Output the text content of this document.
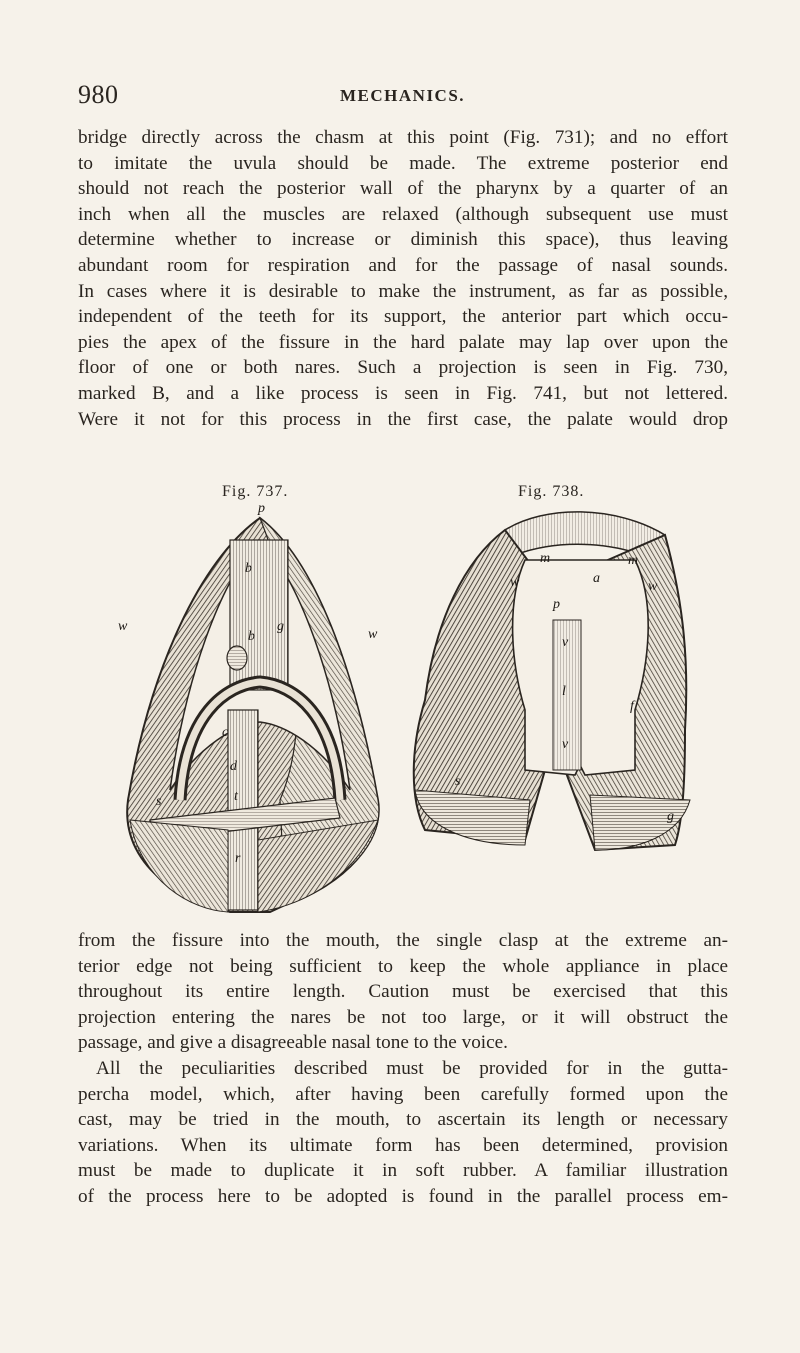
980	MECHANICS.
bridge directly across the chasm at this point (Fig. 731); and no effort
to imitate the uvula should be made. The extreme posterior end
should not reach the posterior wall of the pharynx by a quarter of an
inch when all the muscles are relaxed (although subsequent use must
determine whether to increase or diminish this space), thus leaving
abundant room for respiration and for the passage of nasal sounds.
In cases where it is desirable to make the instrument, as far as possible,
independent of the teeth for its support, the anterior part which occu-
pies the apex of the fissure in the hard palate may lap over upon the
floor of one or both nares. Such a projection is seen in Fig. 730,
marked B, and a like process is seen in Fig. 741, but not lettered.
Were it not for this process in the first case, the palate would drop
Fig. 737.	Fig. 738.
p
w
w
b
b
g
c
d
s	t
r
m	m
a
w	w
p
v
l
v
s
g
f
from the fissure into the mouth, the single clasp at the extreme an-
terior edge not being sufficient to keep the whole appliance in place
throughout its entire length. Caution must be exercised that this
projection entering the nares be not too large, or it will obstruct the
passage, and give a disagreeable nasal tone to the voice.
All the peculiarities described must be provided for in the gutta-
percha model, which, after having been carefully formed upon the
cast, may be tried in the mouth, to ascertain its length or necessary
variations. When its ultimate form has been determined, provision
must be made to duplicate it in soft rubber. A familiar illustration
of the process here to be adopted is found in the parallel process em-
